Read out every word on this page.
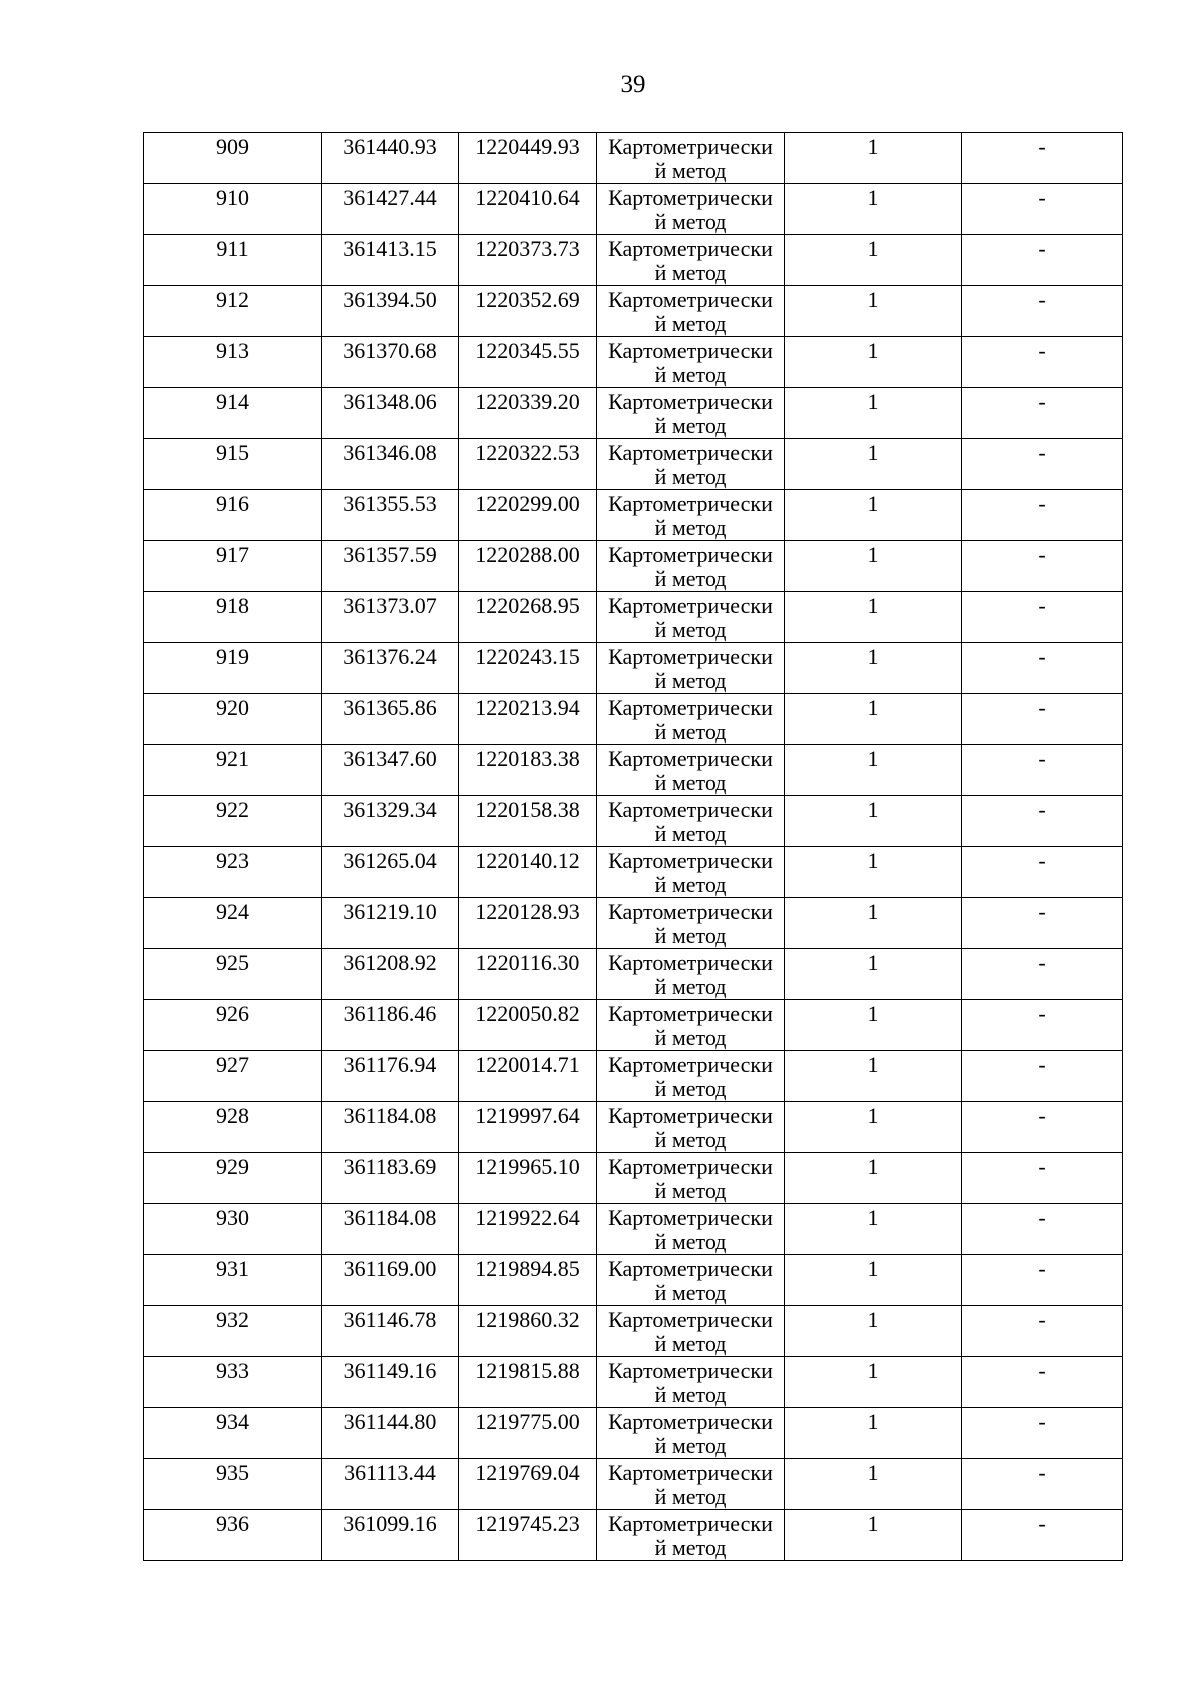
39
909	361440.93	1220449.93	Картометрически
й метод	1	-

910	361427.44	1220410.64	Картометрически
й метод	1	-

911	361413.15	1220373.73	Картометрически
й метод	1	-

912	361394.50	1220352.69	Картометрически
й метод	1	-

913	361370.68	1220345.55	Картометрически
й метод	1	-

914	361348.06	1220339.20	Картометрически
й метод	1	-

915	361346.08	1220322.53	Картометрически
й метод	1	-

916	361355.53	1220299.00	Картометрически
й метод	1	-

917	361357.59	1220288.00	Картометрически
й метод	1	-

918	361373.07	1220268.95	Картометрически
й метод	1	-

919	361376.24	1220243.15	Картометрически
й метод	1	-

920	361365.86	1220213.94	Картометрически
й метод	1	-

921	361347.60	1220183.38	Картометрически
й метод	1	-

922	361329.34	1220158.38	Картометрически
й метод	1	-

923	361265.04	1220140.12	Картометрически
й метод	1	-

924	361219.10	1220128.93	Картометрически
й метод	1	-

925	361208.92	1220116.30	Картометрически
й метод	1	-

926	361186.46	1220050.82	Картометрически
й метод	1	-

927	361176.94	1220014.71	Картометрически
й метод	1	-

928	361184.08	1219997.64	Картометрически
й метод	1	-

929	361183.69	1219965.10	Картометрически
й метод	1	-

930	361184.08	1219922.64	Картометрически
й метод	1	-

931	361169.00	1219894.85	Картометрически
й метод	1	-

932	361146.78	1219860.32	Картометрически
й метод	1	-

933	361149.16	1219815.88	Картометрически
й метод	1	-

934	361144.80	1219775.00	Картометрически
й метод	1	-

935	361113.44	1219769.04	Картометрически
й метод	1	-

936	361099.16	1219745.23	Картометрически
й метод	1	-
